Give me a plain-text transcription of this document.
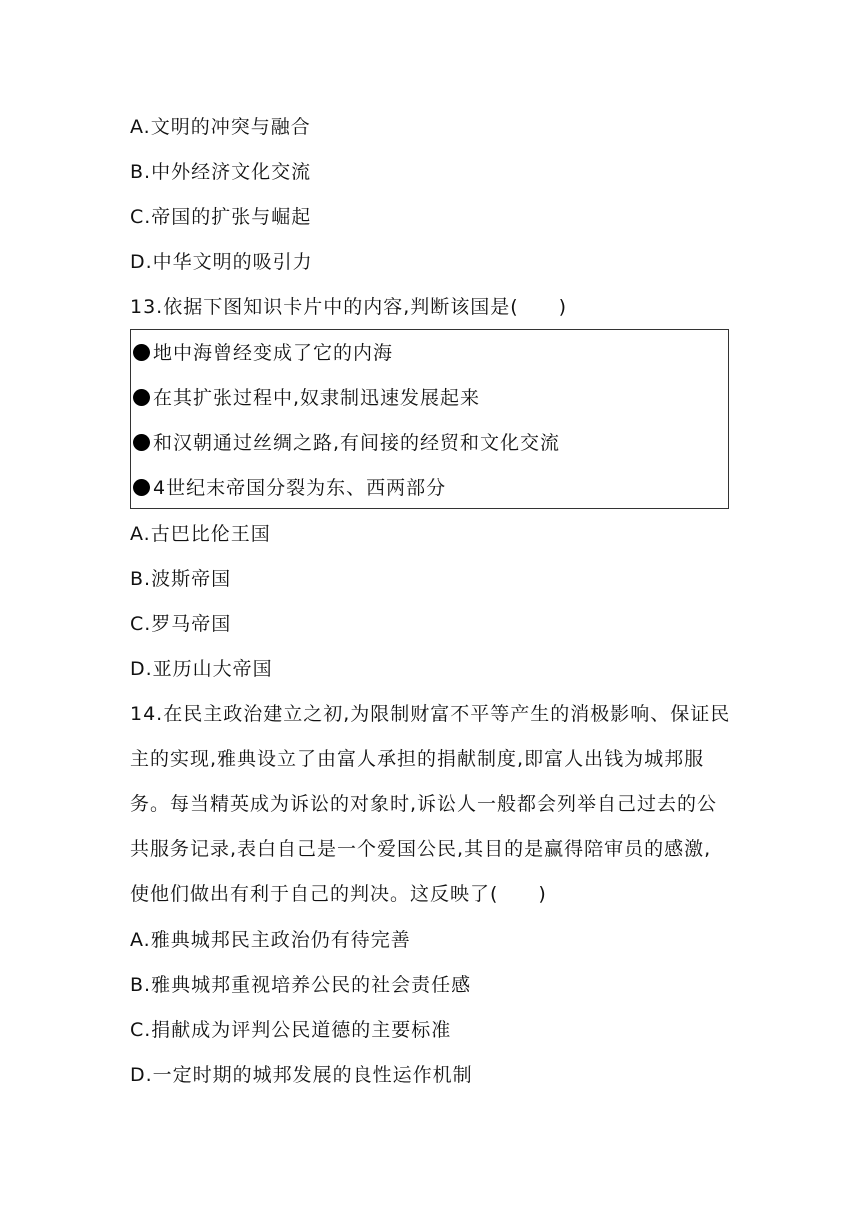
A.文明的冲突与融合
B.中外经济文化交流
C.帝国的扩张与崛起
D.中华文明的吸引力
13.依据下图知识卡片中的内容,判断该国是(　　)
地中海曾经变成了它的内海
在其扩张过程中,奴隶制迅速发展起来
和汉朝通过丝绸之路,有间接的经贸和文化交流
4世纪末帝国分裂为东、西两部分
A.古巴比伦王国
B.波斯帝国
C.罗马帝国
D.亚历山大帝国
14.在民主政治建立之初,为限制财富不平等产生的消极影响、保证民
主的实现,雅典设立了由富人承担的捐献制度,即富人出钱为城邦服
务。每当精英成为诉讼的对象时,诉讼人一般都会列举自己过去的公
共服务记录,表白自己是一个爱国公民,其目的是赢得陪审员的感激,
使他们做出有利于自己的判决。这反映了(　　)
A.雅典城邦民主政治仍有待完善
B.雅典城邦重视培养公民的社会责任感
C.捐献成为评判公民道德的主要标准
D.一定时期的城邦发展的良性运作机制
